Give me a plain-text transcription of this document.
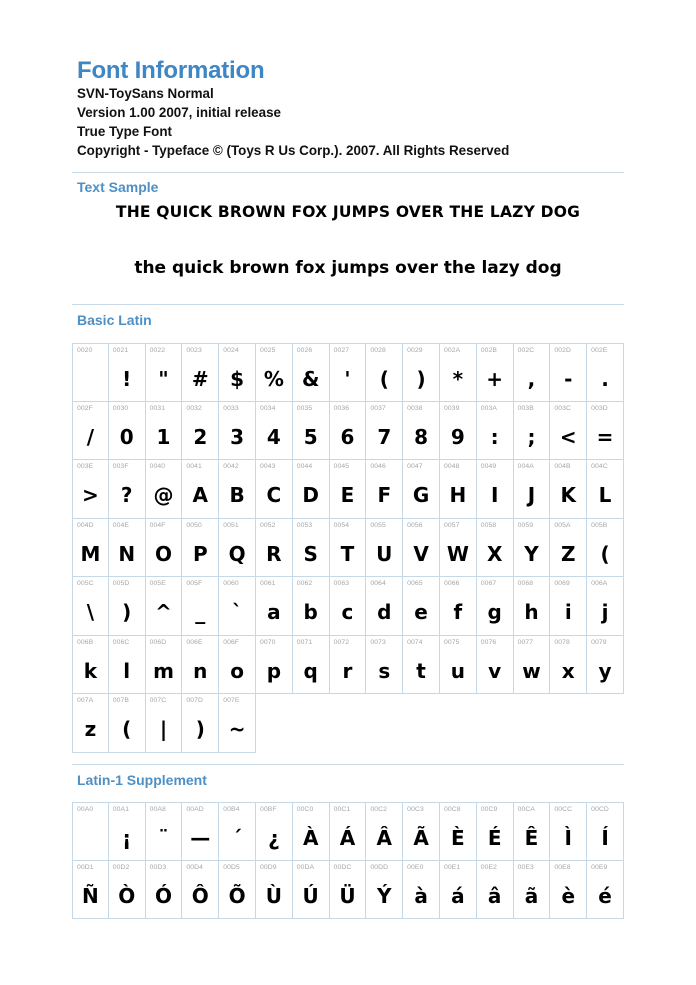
Font Information
SVN-ToySans Normal
Version 1.00 2007, initial release
True Type Font
Copyright - Typeface © (Toys R Us Corp.). 2007. All Rights Reserved
Text Sample
THE QUICK BROWN FOX JUMPS OVER THE LAZY DOG
the quick brown fox jumps over the lazy dog
Basic Latin
0020	0021
!
0022
"
0023
#
0024
$
0025
%
0026
&
0027
'
0028
(
0029
)
002A
*
002B
+
002C
,
002D
-
002E
.
002F
/
0030
0
0031
1
0032
2
0033
3
0034
4
0035
5
0036
6
0037
7
0038
8
0039
9
003A
:
003B
;
003C
<
003D
=
003E
>
003F
?
0040
@
0041
A
0042
B
0043
C
0044
D
0045
E
0046
F
0047
G
0048
H
0049
I
004A
J
004B
K
004C
L
004D
M
004E
N
004F
O
0050
P
0051
Q
0052
R
0053
S
0054
T
0055
U
0056
V
0057
W
0058
X
0059
Y
005A
Z
005B
(
005C
\
005D
)
005E
^
005F
_
0060
`
0061
a
0062
b
0063
c
0064
d
0065
e
0066
f
0067
g
0068
h
0069
i
006A
j
006B
k
006C
l
006D
m
006E
n
006F
o
0070
p
0071
q
0072
r
0073
s
0074
t
0075
u
0076
v
0077
w
0078
x
0079
y
007A
z
007B
(
007C
|
007D
)
007E
~
Latin-1 Supplement
00A0	00A1
¡
00A8
¨
00AD
—
00B4
´
00BF
¿
00C0
À
00C1
Á
00C2
Â
00C3
Ã
00C8
È
00C9
É
00CA
Ê
00CC
Ì
00CD
Í
00D1
Ñ
00D2
Ò
00D3
Ó
00D4
Ô
00D5
Õ
00D9
Ù
00DA
Ú
00DC
Ü
00DD
Ý
00E0
à
00E1
á
00E2
â
00E3
ã
00E8
è
00E9
é
